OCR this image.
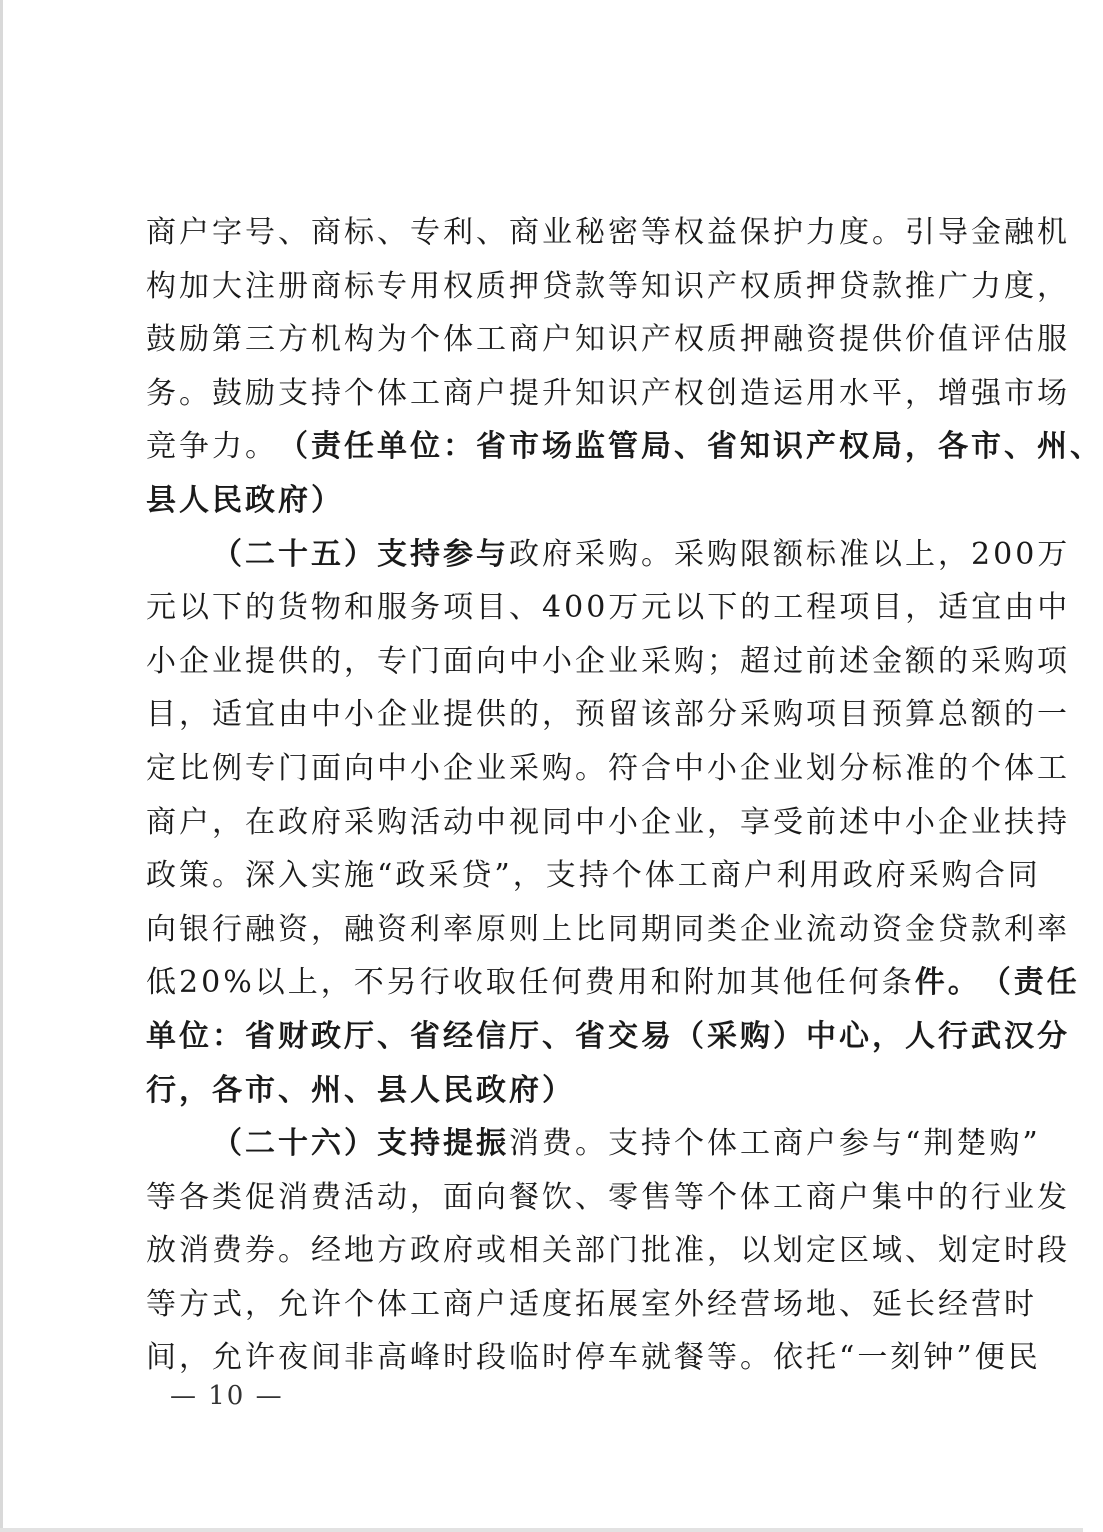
商 户 字 号 、 商 标 、 专 利 、 商 业 秘 密 等 权 益 保 护 力 度 。 引 导 金 融 机
构 加 大 注 册 商 标 专 用 权 质 押 贷 款 等 知 识 产 权 质 押 贷 款 推 广 力 度 ，
鼓 励 第 三 方 机 构 为 个 体 工 商 户 知 识 产 权 质 押 融 资 提 供 价 值 评 估 服
务 。 鼓 励 支 持 个 体 工 商 户 提 升 知 识 产 权 创 造 运 用 水 平 ， 增 强 市 场
竞 争 力 。 （ 责 任 单 位 ： 省 市 场 监 管 局 、 省 知 识 产 权 局 ， 各 市 、 州 、
县 人 民 政 府 ）

（ 二 十 五 ） 支 持 参 与 政 府 采 购 。 采 购 限 额 标 准 以 上 ， 2 0 0 万
元 以 下 的 货 物 和 服 务 项 目 、 4 0 0 万 元 以 下 的 工 程 项 目 ， 适 宜 由 中
小 企 业 提 供 的 ， 专 门 面 向 中 小 企 业 采 购 ； 超 过 前 述 金 额 的 采 购 项
目 ， 适 宜 由 中 小 企 业 提 供 的 ， 预 留 该 部 分 采 购 项 目 预 算 总 额 的 一
定 比 例 专 门 面 向 中 小 企 业 采 购 。 符 合 中 小 企 业 划 分 标 准 的 个 体 工
商 户 ， 在 政 府 采 购 活 动 中 视 同 中 小 企 业 ， 享 受 前 述 中 小 企 业 扶 持
政 策 。 深 入 实 施 “ 政 采 贷 ” ， 支 持 个 体 工 商 户 利 用 政 府 采 购 合 同
向 银 行 融 资 ， 融 资 利 率 原 则 上 比 同 期 同 类 企 业 流 动 资 金 贷 款 利 率
低 2 0 % 以 上 ， 不 另 行 收 取 任 何 费 用 和 附 加 其 他 任 何 条 件 。 （ 责 任
单 位 ： 省 财 政 厅 、 省 经 信 厅 、 省 交 易 （ 采 购 ） 中 心 ， 人 行 武 汉 分
行 ， 各 市 、 州 、 县 人 民 政 府 ）

（ 二 十 六 ） 支 持 提 振 消 费 。 支 持 个 体 工 商 户 参 与 “ 荆 楚 购 ”
等 各 类 促 消 费 活 动 ， 面 向 餐 饮 、 零 售 等 个 体 工 商 户 集 中 的 行 业 发
放 消 费 券 。 经 地 方 政 府 或 相 关 部 门 批 准 ， 以 划 定 区 域 、 划 定 时 段
等 方 式 ， 允 许 个 体 工 商 户 适 度 拓 展 室 外 经 营 场 地 、 延 长 经 营 时
间 ， 允 许 夜 间 非 高 峰 时 段 临 时 停 车 就 餐 等 。 依 托 “ 一 刻 钟 ” 便 民
— 10 —
